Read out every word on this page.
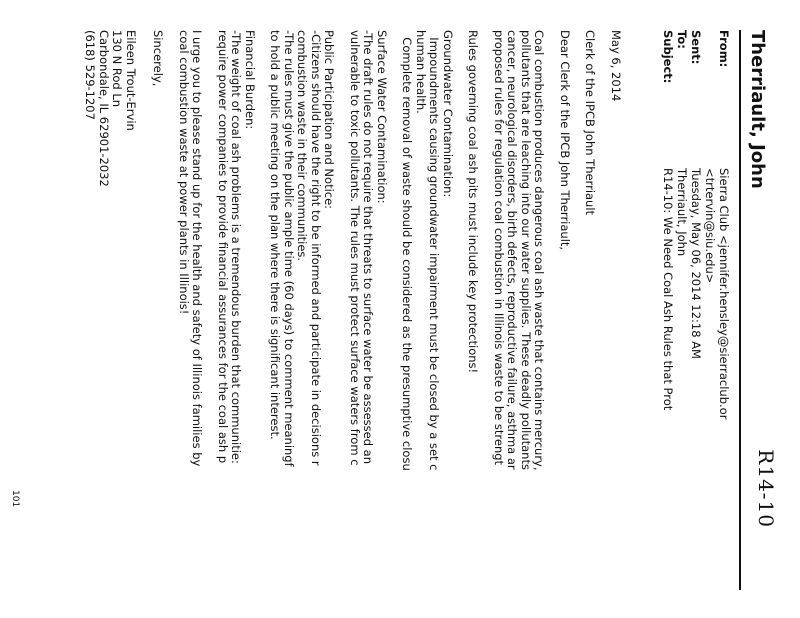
R14-10
Therriault, John
From:
Sierra Club <jennifer.hensley@sierraclub.or
<trtervin@siu.edu>
Sent:
Tuesday, May 06, 2014 12:18 AM
To:
Therriault, John
Subject:
R14-10: We Need Coal Ash Rules that Prot

May 6, 2014

Clerk of the IPCB John Therriault

Dear Clerk of the IPCB John Therriault,

Coal combustion produces dangerous coal ash waste that contains mercury,
pollutants that are leaching into our water supplies. These deadly pollutants
cancer, neurological disorders, birth defects, reproductive failure, asthma ar
proposed rules for regulation coal combustion in Illinois waste to be strengt

Rules governing coal ash pits must include key protections!

Groundwater Contamination:
Impoundments causing groundwater impairment must be closed by a set c
human health.
Complete removal of waste should be considered as the presumptive closu

Surface Water Contamination:
-The draft rules do not require that threats to surface water be assessed an
vulnerable to toxic pollutants. The rules must protect surface waters from c

Public Participation and Notice:
-Citizens should have the right to be informed and participate in decisions r
combustion waste in their communities.
-The rules must give the public ample time (60 days) to comment meaningf
to hold a public meeting on the plan where there is significant interest.

Financial Burden:
-The weight of coal ash problems is a tremendous burden that communitie:
require power companies to provide financial assurances for the coal ash p

I urge you to please stand up for the health and safety of Illinois families by
coal combustion waste at power plants in Illinois!

Sincerely,

Eileen Trout-Ervin
130 N Rod Ln
Carbondale, IL 62901-2032
(618) 529-1207
101
